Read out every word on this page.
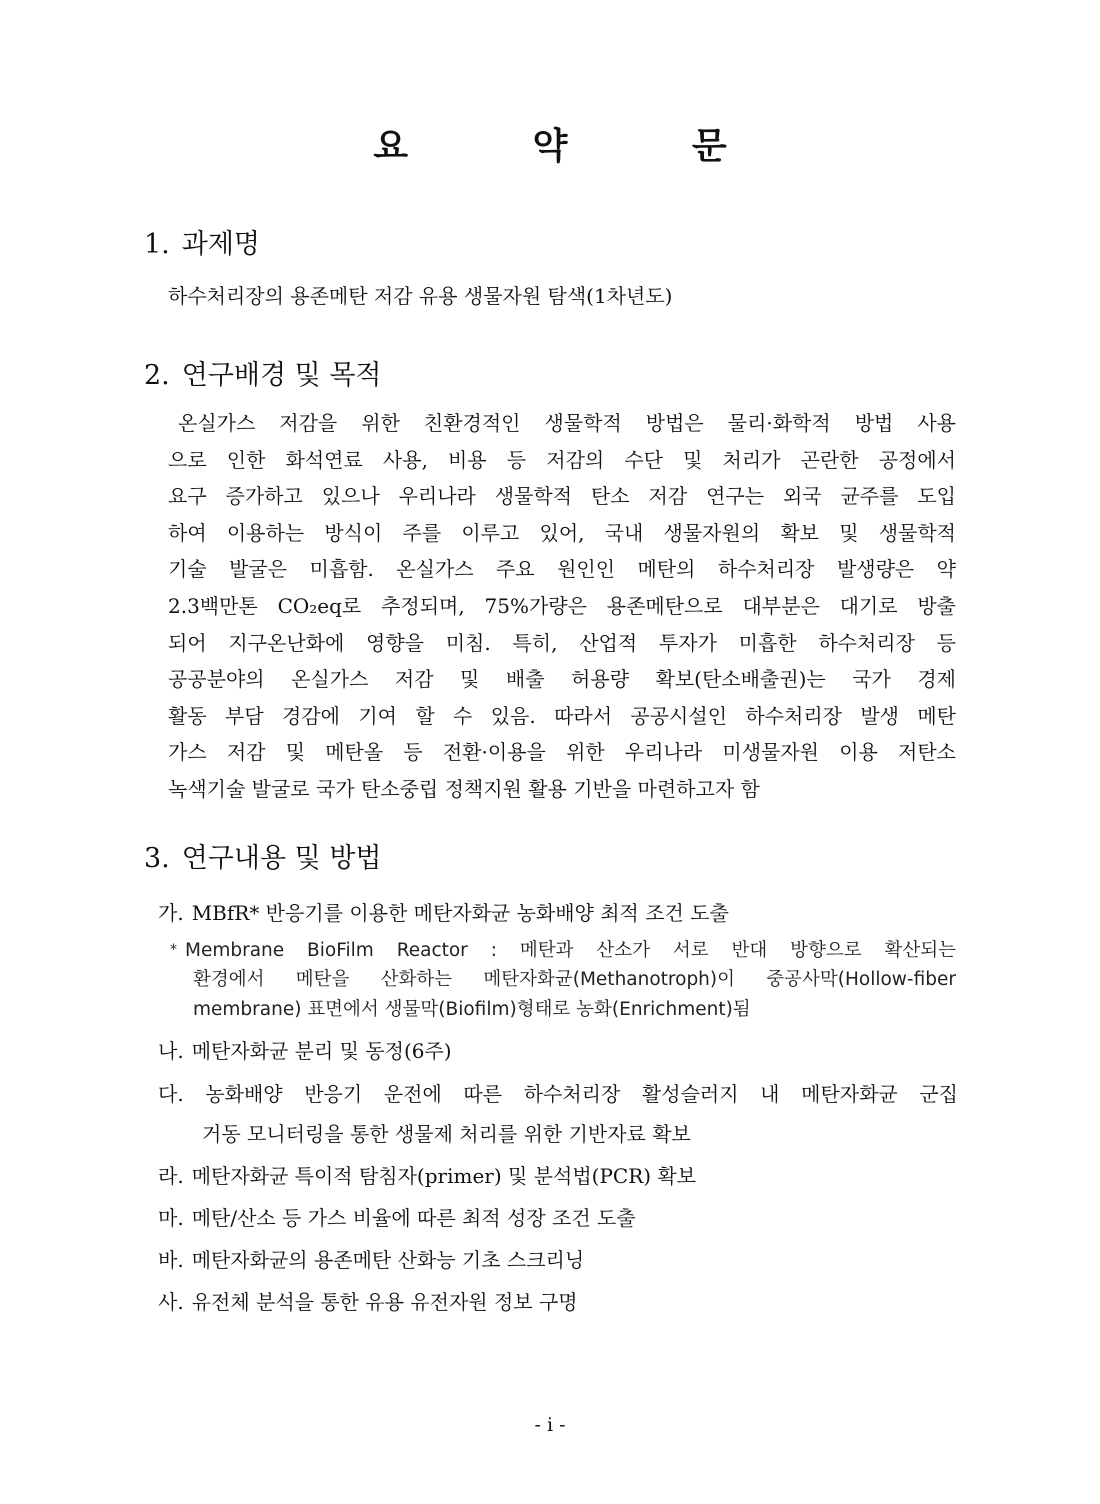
요 약 문
1. 과제명
하수처리장의 용존메탄 저감 유용 생물자원 탐색(1차년도)
2. 연구배경 및 목적
온실가스 저감을 위한 친환경적인 생물학적 방법은 물리·화학적 방법 사용
으로 인한 화석연료 사용, 비용 등 저감의 수단 및 처리가 곤란한 공정에서
요구 증가하고 있으나 우리나라 생물학적 탄소 저감 연구는 외국 균주를 도입
하여 이용하는 방식이 주를 이루고 있어, 국내 생물자원의 확보 및 생물학적
기술 발굴은 미흡함. 온실가스 주요 원인인 메탄의 하수처리장 발생량은 약
2.3백만톤 CO₂eq로 추정되며, 75%가량은 용존메탄으로 대부분은 대기로 방출
되어 지구온난화에 영향을 미침. 특히, 산업적 투자가 미흡한 하수처리장 등
공공분야의 온실가스 저감 및 배출 허용량 확보(탄소배출권)는 국가 경제
활동 부담 경감에 기여 할 수 있음. 따라서 공공시설인 하수처리장 발생 메탄
가스 저감 및 메탄올 등 전환·이용을 위한 우리나라 미생물자원 이용 저탄소
녹색기술 발굴로 국가 탄소중립 정책지원 활용 기반을 마련하고자 함
3. 연구내용 및 방법
가. MBfR* 반응기를 이용한 메탄자화균 농화배양 최적 조건 도출
* Membrane BioFilm Reactor : 메탄과 산소가 서로 반대 방향으로 확산되는
환경에서 메탄을 산화하는 메탄자화균(Methanotroph)이 중공사막(Hollow-fiber
membrane) 표면에서 생물막(Biofilm)형태로 농화(Enrichment)됨
나. 메탄자화균 분리 및 동정(6주)
다. 농화배양 반응기 운전에 따른 하수처리장 활성슬러지 내 메탄자화균 군집
거동 모니터링을 통한 생물제 처리를 위한 기반자료 확보
라. 메탄자화균 특이적 탐침자(primer) 및 분석법(PCR) 확보
마. 메탄/산소 등 가스 비율에 따른 최적 성장 조건 도출
바. 메탄자화균의 용존메탄 산화능 기초 스크리닝
사. 유전체 분석을 통한 유용 유전자원 정보 구명
- i -
